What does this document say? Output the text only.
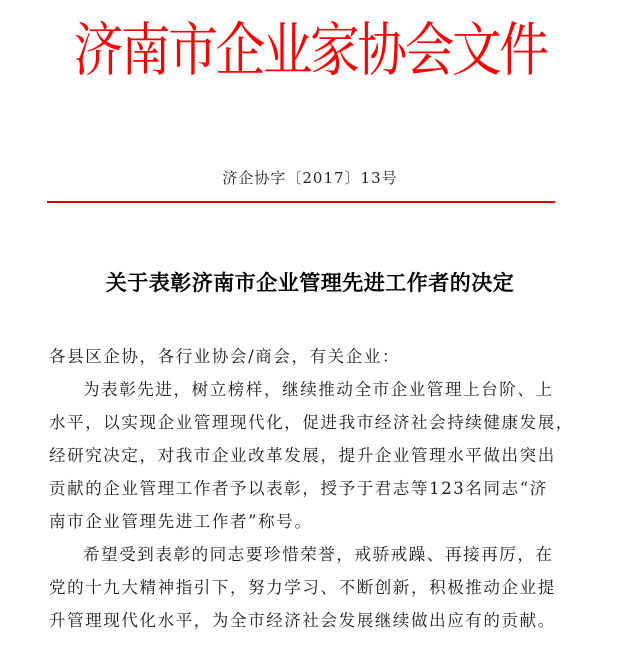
济南市企业家协会文件
济企协字〔2017〕13号
关于表彰济南市企业管理先进工作者的决定
各县区企协，各行业协会/商会，有关企业：
为表彰先进，树立榜样，继续推动全市企业管理上台阶、上
水平，以实现企业管理现代化，促进我市经济社会持续健康发展，
经研究决定，对我市企业改革发展，提升企业管理水平做出突出
贡献的企业管理工作者予以表彰，授予于君志等123名同志“济
南市企业管理先进工作者”称号。
希望受到表彰的同志要珍惜荣誉，戒骄戒躁、再接再厉，在
党的十九大精神指引下，努力学习、不断创新，积极推动企业提
升管理现代化水平，为全市经济社会发展继续做出应有的贡献。
